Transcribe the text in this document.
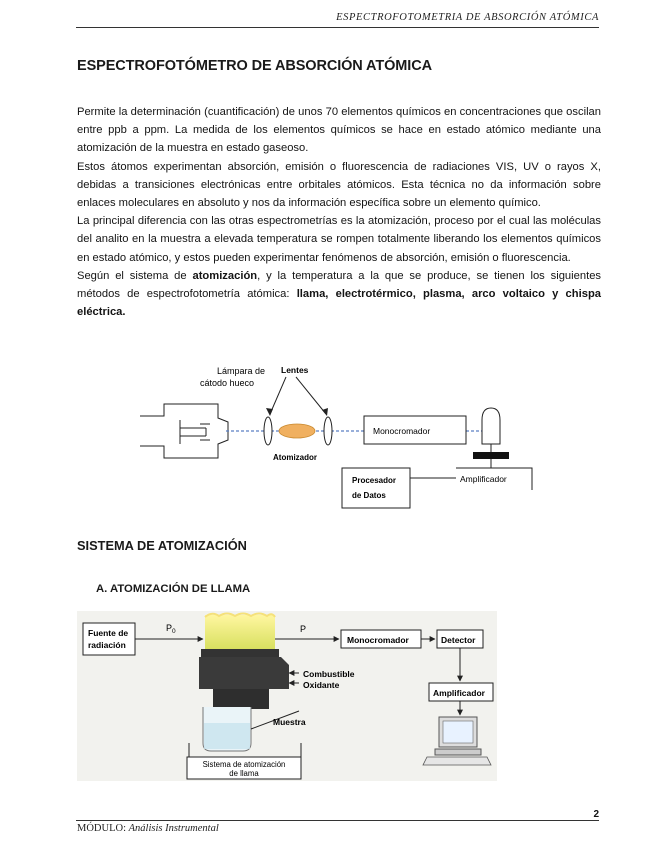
ESPECTROFOTOMETRIA DE ABSORCIÓN ATÓMICA
ESPECTROFOTÓMETRO DE ABSORCIÓN ATÓMICA

Permite la determinación (cuantificación) de unos 70 elementos químicos en concentraciones que oscilan entre ppb a ppm. La medida de los elementos químicos se hace en estado atómico mediante una atomización de la muestra en estado gaseoso.

Estos átomos experimentan absorción, emisión o fluorescencia de radiaciones VIS, UV o rayos X, debidas a transiciones electrónicas entre orbitales atómicos. Esta técnica no da información sobre enlaces moleculares en absoluto y nos da información específica sobre un elemento químico.

La principal diferencia con las otras espectrometrías es la atomización, proceso por el cual las moléculas del analito en la muestra a elevada temperatura se rompen totalmente liberando los elementos químicos en estado atómico, y estos pueden experimentar fenómenos de absorción, emisión o fluorescencia.

Según el sistema de atomización, y la temperatura a la que se produce, se tienen los siguientes métodos de espectrofotometría atómica: llama, electrotérmico, plasma, arco voltaico y chispa eléctrica.

Lámpara de
cátodo hueco
Lentes
Atomizador
Monocromador
Amplificador
Procesador
de Datos
SISTEMA DE ATOMIZACIÓN
A. ATOMIZACIÓN DE LLAMA
Fuente de
radiación
$P_0$	P
Monocromador	Detector
Amplificador
Combustible
Oxidante
Muestra
Sistema de atomización
de llama
2
MÓDULO: Análisis Instrumental
